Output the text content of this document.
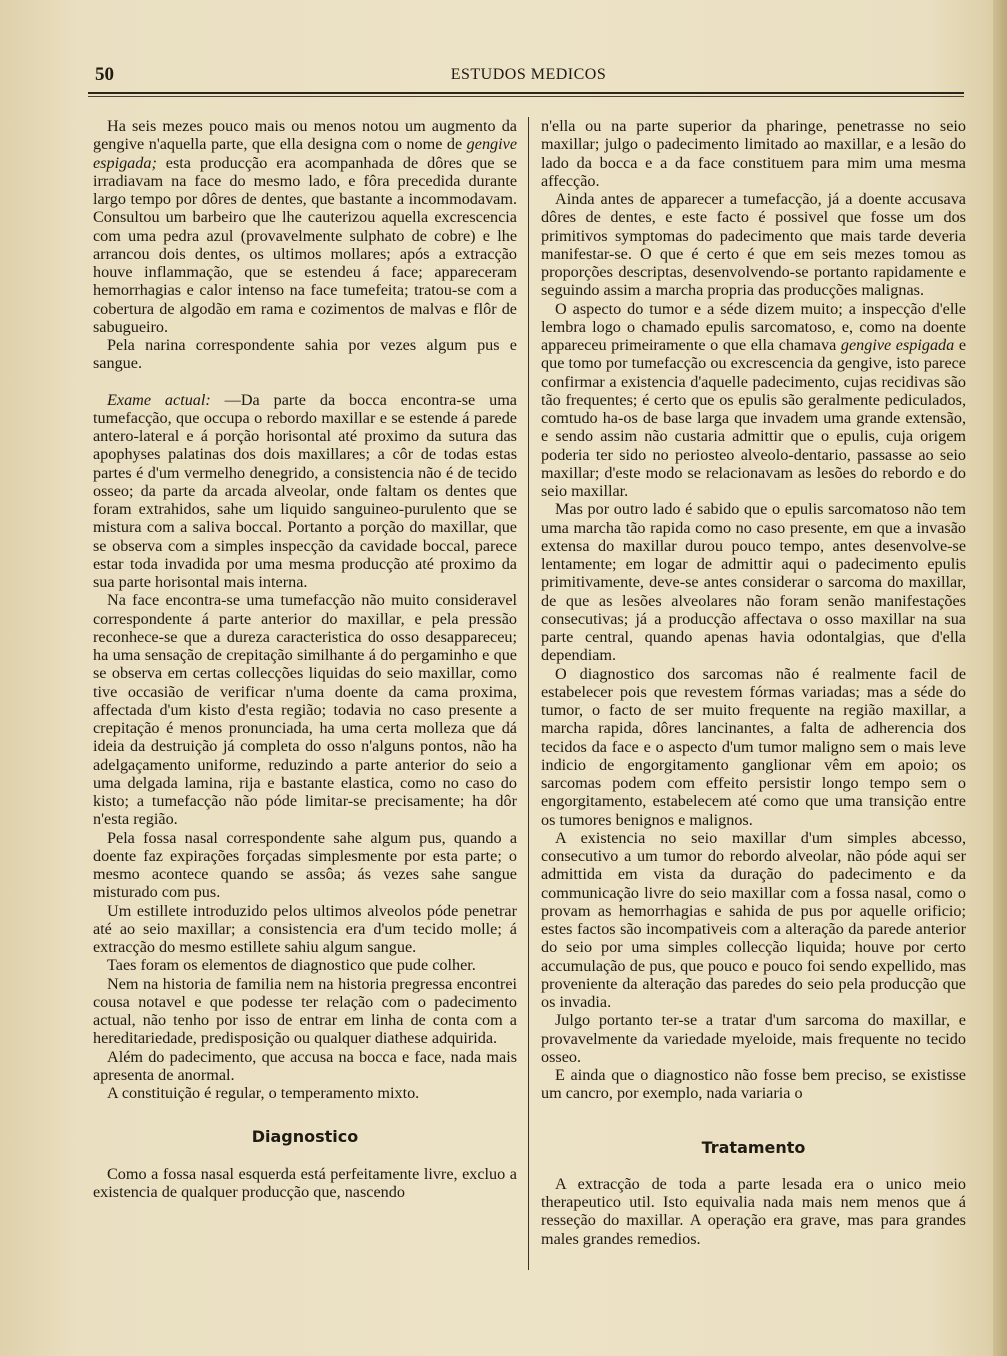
50	ESTUDOS MEDICOS

Ha seis mezes pouco mais ou menos notou um augmento da gengive n'aquella parte, que ella designa com o nome de gengive espigada; esta producção era acompanhada de dôres que se irradiavam na face do mesmo lado, e fôra precedida durante largo tempo por dôres de dentes, que bastante a incommodavam. Consultou um barbeiro que lhe cauterizou aquella excrescencia com uma pedra azul (provavelmente sulphato de cobre) e lhe arrancou dois dentes, os ultimos mollares; após a extracção houve inflammação, que se estendeu á face; appareceram hemorrhagias e calor intenso na face tumefeita; tratou-se com a cobertura de algodão em rama e cozimentos de malvas e flôr de sabugueiro.

Pela narina correspondente sahia por vezes algum pus e sangue.

Exame actual: —Da parte da bocca encontra-se uma tumefacção, que occupa o rebordo maxillar e se estende á parede antero-lateral e á porção horisontal até proximo da sutura das apophyses palatinas dos dois maxillares; a côr de todas estas partes é d'um vermelho denegrido, a consistencia não é de tecido osseo; da parte da arcada alveolar, onde faltam os dentes que foram extrahidos, sahe um liquido sanguineo-purulento que se mistura com a saliva boccal. Portanto a porção do maxillar, que se observa com a simples inspecção da cavidade boccal, parece estar toda invadida por uma mesma producção até proximo da sua parte horisontal mais interna.

Na face encontra-se uma tumefacção não muito consideravel correspondente á parte anterior do maxillar, e pela pressão reconhece-se que a dureza caracteristica do osso desappareceu; ha uma sensação de crepitação similhante á do pergaminho e que se observa em certas collecções liquidas do seio maxillar, como tive occasião de verificar n'uma doente da cama proxima, affectada d'um kisto d'esta região; todavia no caso presente a crepitação é menos pronunciada, ha uma certa molleza que dá ideia da destruição já completa do osso n'alguns pontos, não ha adelgaçamento uniforme, reduzindo a parte anterior do seio a uma delgada lamina, rija e bastante elastica, como no caso do kisto; a tumefacção não póde limitar-se precisamente; ha dôr n'esta região.

Pela fossa nasal correspondente sahe algum pus, quando a doente faz expirações forçadas simplesmente por esta parte; o mesmo acontece quando se assôa; ás vezes sahe sangue misturado com pus.

Um estillete introduzido pelos ultimos alveolos póde penetrar até ao seio maxillar; a consistencia era d'um tecido molle; á extracção do mesmo estillete sahiu algum sangue.

Taes foram os elementos de diagnostico que pude colher.

Nem na historia de familia nem na historia pregressa encontrei cousa notavel e que podesse ter relação com o padecimento actual, não tenho por isso de entrar em linha de conta com a hereditariedade, predisposição ou qualquer diathese adquirida.

Além do padecimento, que accusa na bocca e face, nada mais apresenta de anormal.

A constituição é regular, o temperamento mixto.

Diagnostico

Como a fossa nasal esquerda está perfeitamente livre, excluo a existencia de qualquer producção que, nascendo

n'ella ou na parte superior da pharinge, penetrasse no seio maxillar; julgo o padecimento limitado ao maxillar, e a lesão do lado da bocca e a da face constituem para mim uma mesma affecção.

Ainda antes de apparecer a tumefacção, já a doente accusava dôres de dentes, e este facto é possivel que fosse um dos primitivos symptomas do padecimento que mais tarde deveria manifestar-se. O que é certo é que em seis mezes tomou as proporções descriptas, desenvolvendo-se portanto rapidamente e seguindo assim a marcha propria das producções malignas.

O aspecto do tumor e a séde dizem muito; a inspecção d'elle lembra logo o chamado epulis sarcomatoso, e, como na doente appareceu primeiramente o que ella chamava gengive espigada e que tomo por tumefacção ou excrescencia da gengive, isto parece confirmar a existencia d'aquelle padecimento, cujas recidivas são tão frequentes; é certo que os epulis são geralmente pediculados, comtudo ha-os de base larga que invadem uma grande extensão, e sendo assim não custaria admittir que o epulis, cuja origem poderia ter sido no periosteo alveolo-dentario, passasse ao seio maxillar; d'este modo se relacionavam as lesões do rebordo e do seio maxillar.

Mas por outro lado é sabido que o epulis sarcomatoso não tem uma marcha tão rapida como no caso presente, em que a invasão extensa do maxillar durou pouco tempo, antes desenvolve-se lentamente; em logar de admittir aqui o padecimento epulis primitivamente, deve-se antes considerar o sarcoma do maxillar, de que as lesões alveolares não foram senão manifestações consecutivas; já a producção affectava o osso maxillar na sua parte central, quando apenas havia odontalgias, que d'ella dependiam.

O diagnostico dos sarcomas não é realmente facil de estabelecer pois que revestem fórmas variadas; mas a séde do tumor, o facto de ser muito frequente na região maxillar, a marcha rapida, dôres lancinantes, a falta de adherencia dos tecidos da face e o aspecto d'um tumor maligno sem o mais leve indicio de engorgitamento ganglionar vêm em apoio; os sarcomas podem com effeito persistir longo tempo sem o engorgitamento, estabelecem até como que uma transição entre os tumores benignos e malignos.

A existencia no seio maxillar d'um simples abcesso, consecutivo a um tumor do rebordo alveolar, não póde aqui ser admittida em vista da duração do padecimento e da communicação livre do seio maxillar com a fossa nasal, como o provam as hemorrhagias e sahida de pus por aquelle orificio; estes factos são incompativeis com a alteração da parede anterior do seio por uma simples collecção liquida; houve por certo accumulação de pus, que pouco e pouco foi sendo expellido, mas proveniente da alteração das paredes do seio pela producção que os invadia.

Julgo portanto ter-se a tratar d'um sarcoma do maxillar, e provavelmente da variedade myeloide, mais frequente no tecido osseo.

E ainda que o diagnostico não fosse bem preciso, se existisse um cancro, por exemplo, nada variaria o

Tratamento

A extracção de toda a parte lesada era o unico meio therapeutico util. Isto equivalia nada mais nem menos que á resseção do maxillar. A operação era grave, mas para grandes males grandes remedios.
